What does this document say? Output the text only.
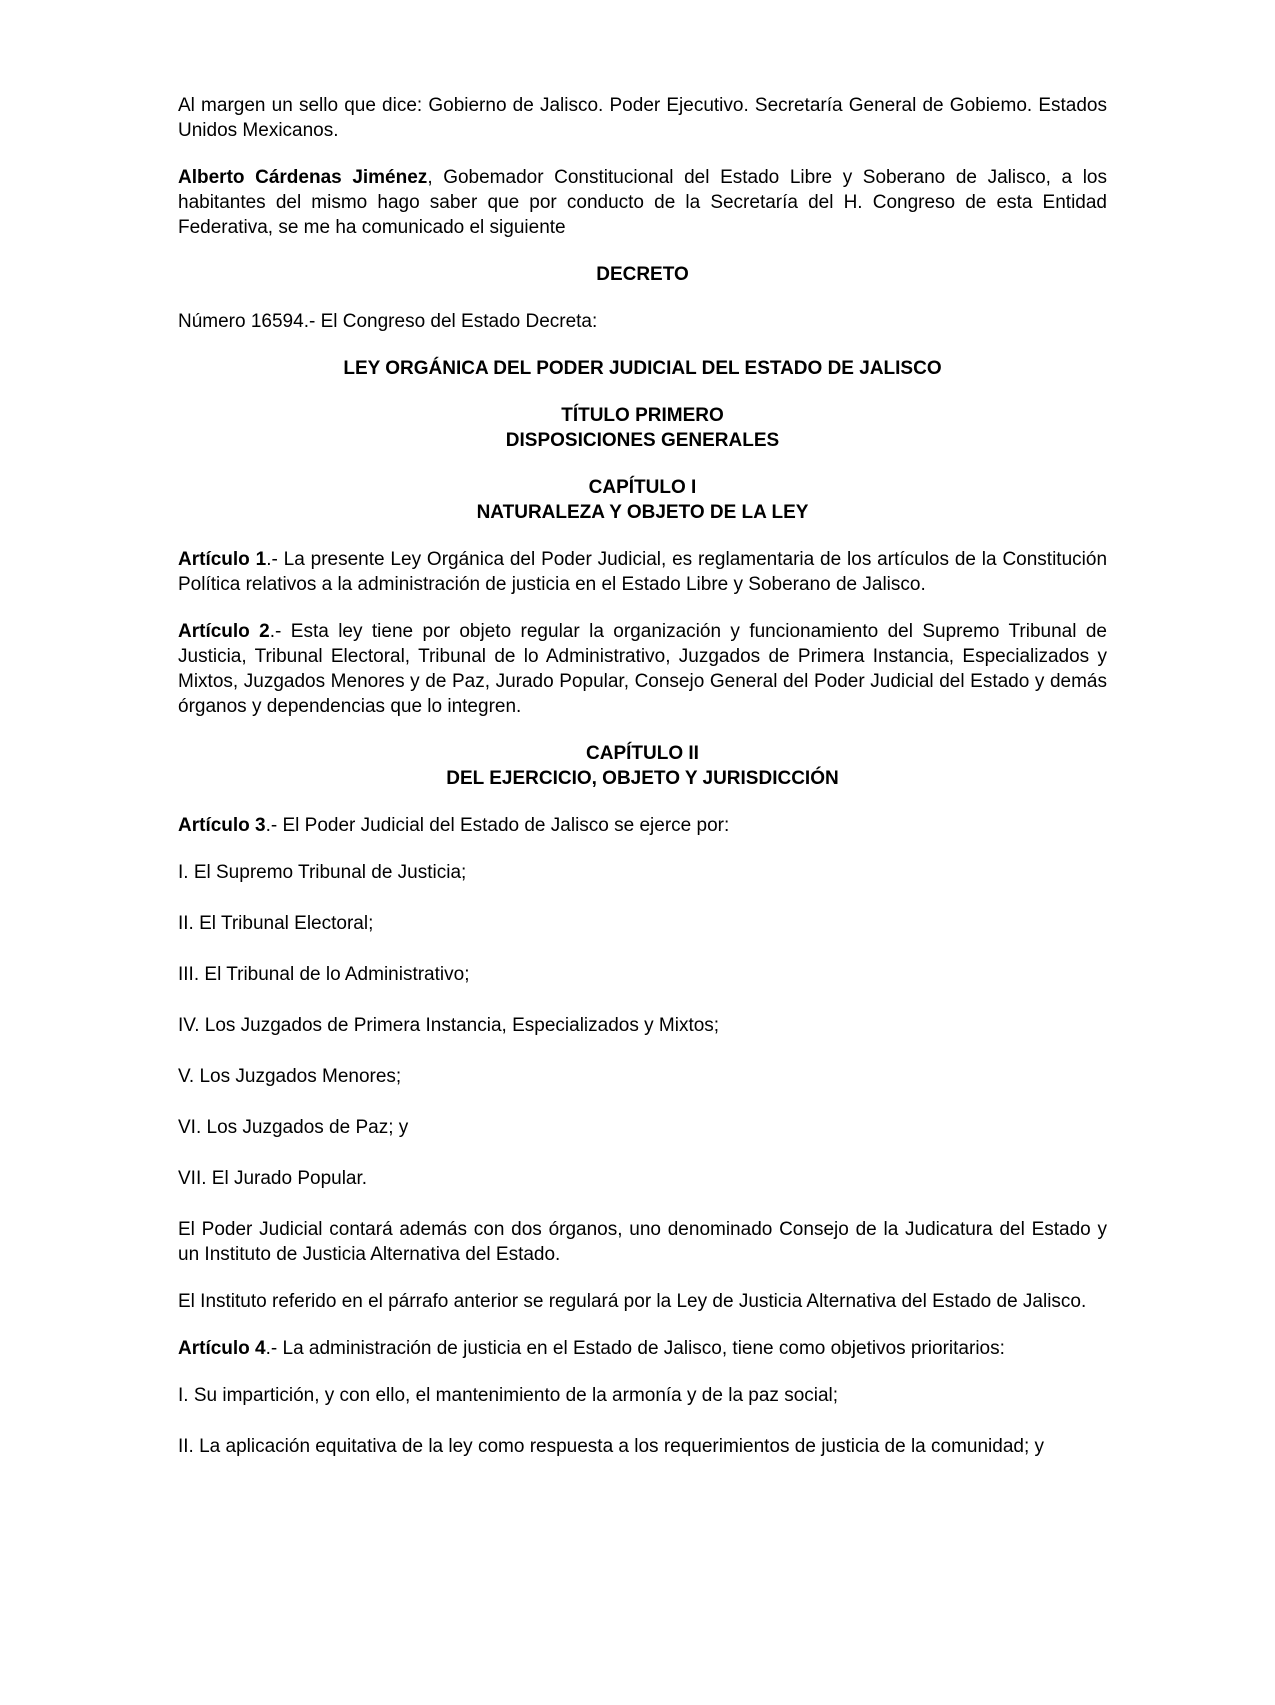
Al margen un sello que dice: Gobierno de Jalisco. Poder Ejecutivo. Secretaría General de Gobiemo. Estados Unidos Mexicanos.

Alberto Cárdenas Jiménez, Gobemador Constitucional del Estado Libre y Soberano de Jalisco, a los habitantes del mismo hago saber que por conducto de la Secretaría del H. Congreso de esta Entidad Federativa, se me ha comunicado el siguiente

DECRETO

Número 16594.- El Congreso del Estado Decreta:

LEY ORGÁNICA DEL PODER JUDICIAL DEL ESTADO DE JALISCO
TÍTULO PRIMERO
DISPOSICIONES GENERALES
CAPÍTULO I
NATURALEZA Y OBJETO DE LA LEY

Artículo 1.- La presente Ley Orgánica del Poder Judicial, es reglamentaria de los artículos de la Constitución Política relativos a la administración de justicia en el Estado Libre y Soberano de Jalisco.

Artículo 2.- Esta ley tiene por objeto regular la organización y funcionamiento del Supremo Tribunal de Justicia, Tribunal Electoral, Tribunal de lo Administrativo, Juzgados de Primera Instancia, Especializados y Mixtos, Juzgados Menores y de Paz, Jurado Popular, Consejo General del Poder Judicial del Estado y demás órganos y dependencias que lo integren.

CAPÍTULO II
DEL EJERCICIO, OBJETO Y JURISDICCIÓN

Artículo 3.- El Poder Judicial del Estado de Jalisco se ejerce por:

I. El Supremo Tribunal de Justicia;
II. El Tribunal Electoral;
III. El Tribunal de lo Administrativo;
IV. Los Juzgados de Primera Instancia, Especializados y Mixtos;
V. Los Juzgados Menores;
VI. Los Juzgados de Paz; y
VII. El Jurado Popular.

El Poder Judicial contará además con dos órganos, uno denominado Consejo de la Judicatura del Estado y un Instituto de Justicia Alternativa del Estado.

El Instituto referido en el párrafo anterior se regulará por la Ley de Justicia Alternativa del Estado de Jalisco.

Artículo 4.- La administración de justicia en el Estado de Jalisco, tiene como objetivos prioritarios:

I. Su impartición, y con ello, el mantenimiento de la armonía y de la paz social;

II. La aplicación equitativa de la ley como respuesta a los requerimientos de justicia de la comunidad; y
